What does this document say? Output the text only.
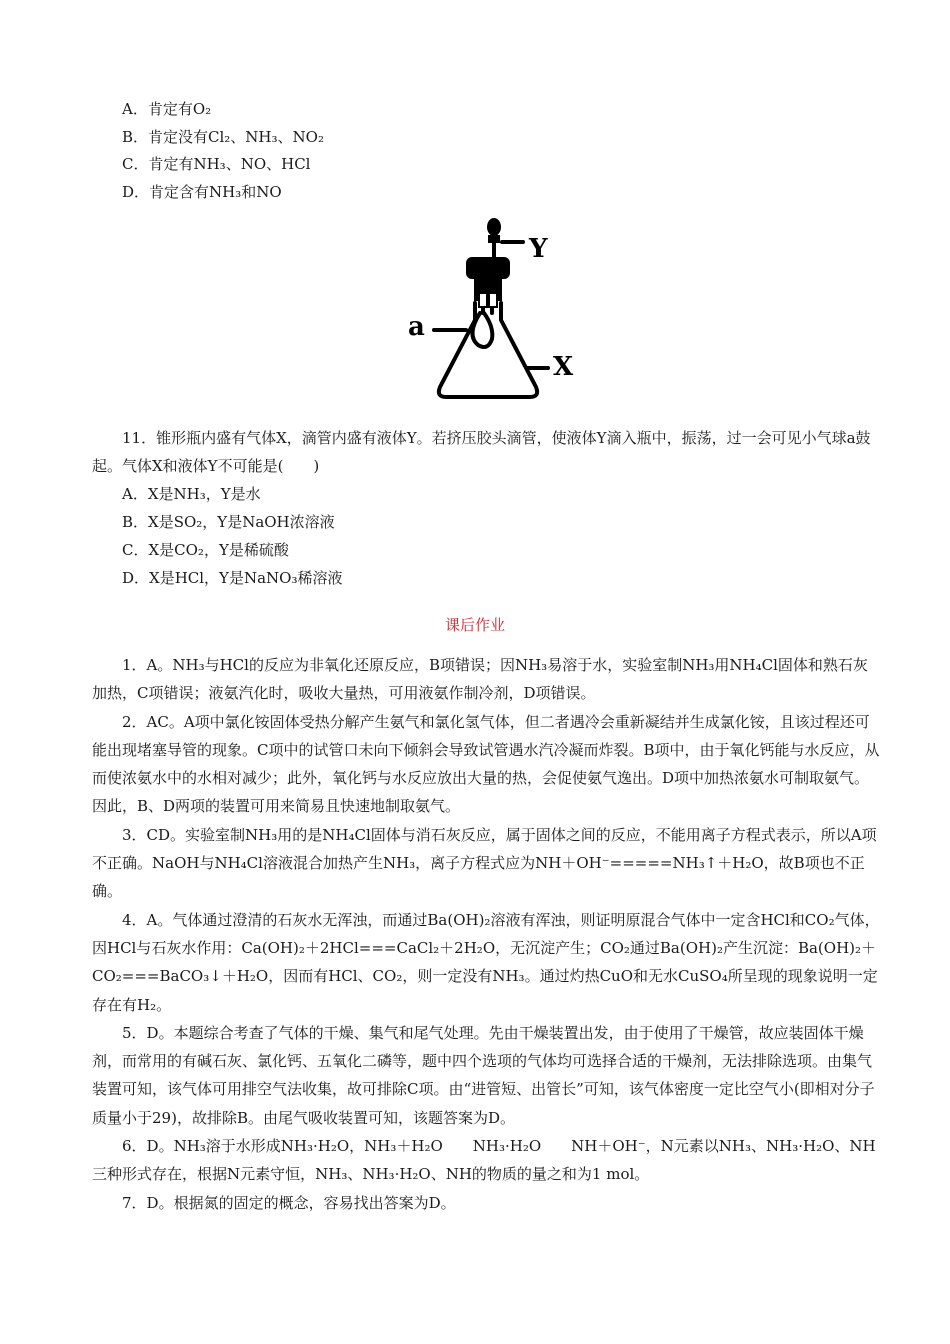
A．肯定有O₂
B．肯定没有Cl₂、NH₃、NO₂
C．肯定有NH₃、NO、HCl
D．肯定含有NH₃和NO
Y
a
X

11．锥形瓶内盛有气体X，滴管内盛有液体Y。若挤压胶头滴管，使液体Y滴入瓶中，振荡，过一会可见小气球a鼓起。气体X和液体Y不可能是(　　)

A．X是NH₃，Y是水
B．X是SO₂，Y是NaOH浓溶液
C．X是CO₂，Y是稀硫酸
D．X是HCl，Y是NaNO₃稀溶液
课后作业

1．A。NH₃与HCl的反应为非氧化还原反应，B项错误；因NH₃易溶于水，实验室制NH₃用NH₄Cl固体和熟石灰加热，C项错误；液氨汽化时，吸收大量热，可用液氨作制冷剂，D项错误。

2．AC。A项中氯化铵固体受热分解产生氨气和氯化氢气体，但二者遇冷会重新凝结并生成氯化铵，且该过程还可能出现堵塞导管的现象。C项中的试管口未向下倾斜会导致试管遇水汽冷凝而炸裂。B项中，由于氧化钙能与水反应，从而使浓氨水中的水相对减少；此外，氧化钙与水反应放出大量的热，会促使氨气逸出。D项中加热浓氨水可制取氨气。因此，B、D两项的装置可用来简易且快速地制取氨气。

3．CD。实验室制NH₃用的是NH₄Cl固体与消石灰反应，属于固体之间的反应，不能用离子方程式表示，所以A项不正确。NaOH与NH₄Cl溶液混合加热产生NH₃，离子方程式应为NH＋OH⁻=====NH₃↑＋H₂O，故B项也不正确。

4．A。气体通过澄清的石灰水无浑浊，而通过Ba(OH)₂溶液有浑浊，则证明原混合气体中一定含HCl和CO₂气体，因HCl与石灰水作用：Ca(OH)₂＋2HCl===CaCl₂＋2H₂O，无沉淀产生；CO₂通过Ba(OH)₂产生沉淀：Ba(OH)₂＋CO₂===BaCO₃↓＋H₂O，因而有HCl、CO₂，则一定没有NH₃。通过灼热CuO和无水CuSO₄所呈现的现象说明一定存在有H₂。

5．D。本题综合考查了气体的干燥、集气和尾气处理。先由干燥装置出发，由于使用了干燥管，故应装固体干燥剂，而常用的有碱石灰、氯化钙、五氧化二磷等，题中四个选项的气体均可选择合适的干燥剂，无法排除选项。由集气装置可知，该气体可用排空气法收集，故可排除C项。由“进管短、出管长”可知，该气体密度一定比空气小(即相对分子质量小于29)，故排除B。由尾气吸收装置可知，该题答案为D。

6．D。NH₃溶于水形成NH₃·H₂O，NH₃＋H₂O　　NH₃·H₂O　　NH＋OH⁻，N元素以NH₃、NH₃·H₂O、NH三种形式存在，根据N元素守恒，NH₃、NH₃·H₂O、NH的物质的量之和为1 mol。

7．D。根据氮的固定的概念，容易找出答案为D。
